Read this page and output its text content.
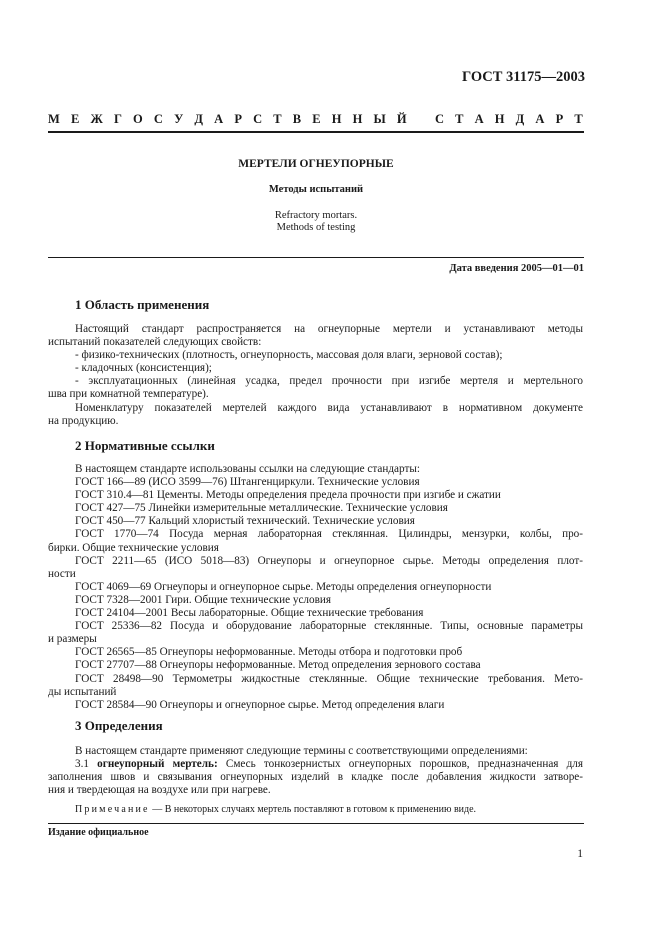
ГОСТ 31175—2003
М Е Ж Г О С У Д А Р С Т В Е Н Н Ы Й С Т А Н Д А Р Т
МЕРТЕЛИ ОГНЕУПОРНЫЕ
Методы испытаний
Refractory mortars.
Methods of testing
Дата введения 2005—01—01
1 Область применения
Настоящий стандарт распространяется на огнеупорные мертели и устанавливают методы
испытаний показателей следующих свойств:
- физико-технических (плотность, огнеупорность, массовая доля влаги, зерновой состав);
- кладочных (консистенция);
- эксплуатационных (линейная усадка, предел прочности при изгибе мертеля и мертельного
шва при комнатной температуре).
Номенклатуру показателей мертелей каждого вида устанавливают в нормативном документе
на продукцию.
2 Нормативные ссылки
В настоящем стандарте использованы ссылки на следующие стандарты:
ГОСТ 166—89 (ИСО 3599—76) Штангенциркули. Технические условия
ГОСТ 310.4—81 Цементы. Методы определения предела прочности при изгибе и сжатии
ГОСТ 427—75 Линейки измерительные металлические. Технические условия
ГОСТ 450—77 Кальций хлористый технический. Технические условия
ГОСТ 1770—74 Посуда мерная лабораторная стеклянная. Цилиндры, мензурки, колбы, про-
бирки. Общие технические условия
ГОСТ 2211—65 (ИСО 5018—83) Огнеупоры и огнеупорное сырье. Методы определения плот-
ности
ГОСТ 4069—69 Огнеупоры и огнеупорное сырье. Методы определения огнеупорности
ГОСТ 7328—2001 Гири. Общие технические условия
ГОСТ 24104—2001 Весы лабораторные. Общие технические требования
ГОСТ 25336—82 Посуда и оборудование лабораторные стеклянные. Типы, основные параметры
и размеры
ГОСТ 26565—85 Огнеупоры неформованные. Методы отбора и подготовки проб
ГОСТ 27707—88 Огнеупоры неформованные. Метод определения зернового состава
ГОСТ 28498—90 Термометры жидкостные стеклянные. Общие технические требования. Мето-
ды испытаний
ГОСТ 28584—90 Огнеупоры и огнеупорное сырье. Метод определения влаги
3 Определения
В настоящем стандарте применяют следующие термины с соответствующими определениями:
3.1 огнеупорный мертель: Смесь тонкозернистых огнеупорных порошков, предназначенная для
заполнения швов и связывания огнеупорных изделий в кладке после добавления жидкости затворе-
ния и твердеющая на воздухе или при нагреве.
Примечание — В некоторых случаях мертель поставляют в готовом к применению виде.
Издание официальное
1
